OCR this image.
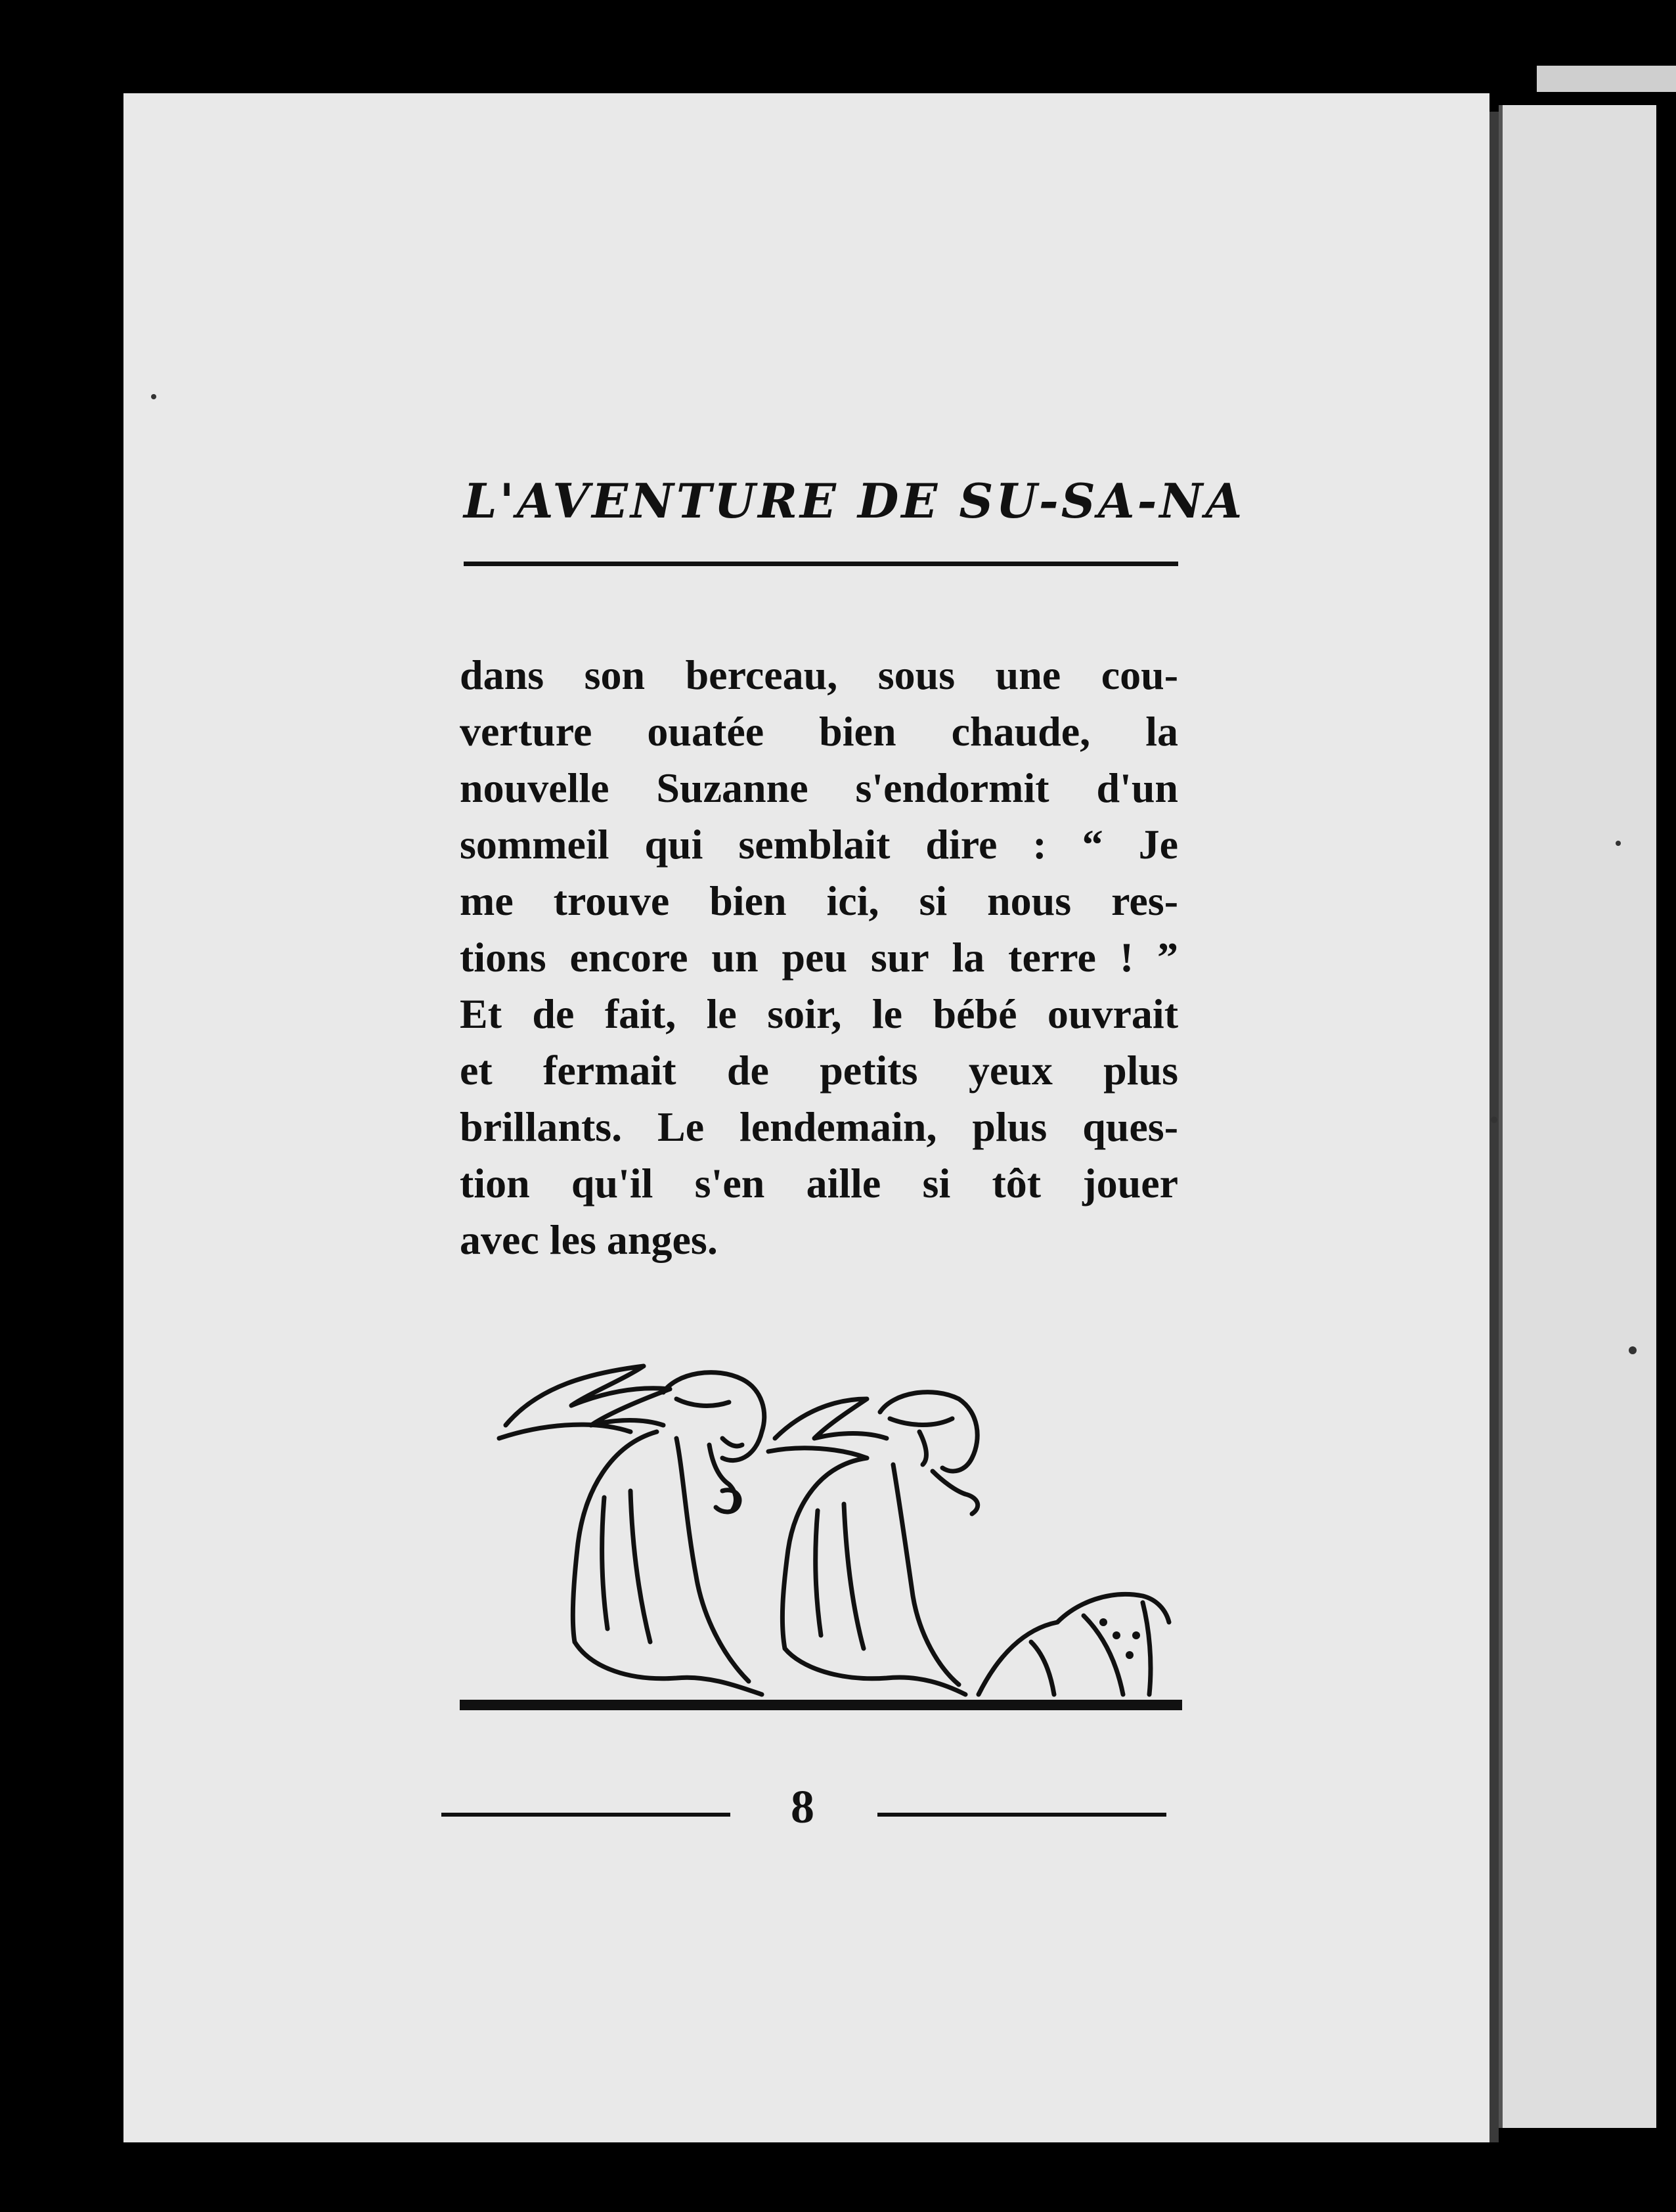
L'AVENTURE DE SU-SA-NA
dans son berceau, sous une cou-
verture ouatée bien chaude, la
nouvelle Suzanne s'endormit d'un
sommeil qui semblait dire : “ Je
me trouve bien ici, si nous res-
tions encore un peu sur la terre ! ”
Et de fait, le soir, le bébé ouvrait
et fermait de petits yeux plus
brillants. Le lendemain, plus ques-
tion qu'il s'en aille si tôt jouer
avec les anges.
8
